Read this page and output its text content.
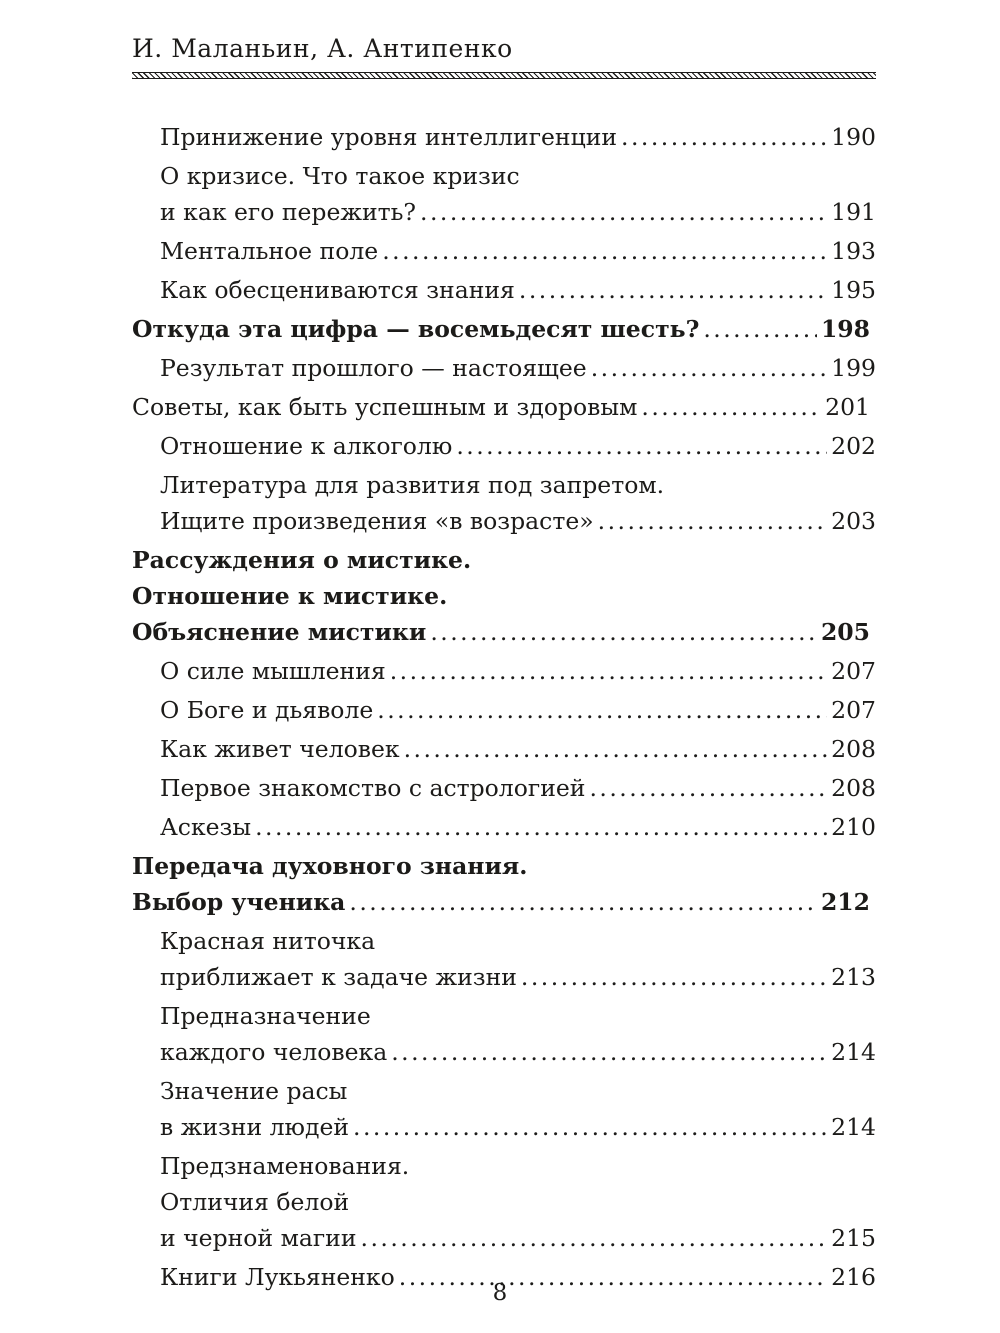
И. Маланьин, А. Антипенко
Принижение уровня интеллигенции . . .	190
О кризисе. Что такое кризис
и как его пережить? . . .	191
Ментальное поле . . .	193
Как обесцениваются знания . . .	195
Откуда эта цифра — восемьдесят шесть? . . .	198
Результат прошлого — настоящее . . .	199
Советы, как быть успешным и здоровым . . .	201
Отношение к алкоголю . . .	202
Литература для развития под запретом.
Ищите произведения «в возрасте» . . .	203
Рассуждения о мистике.
Отношение к мистике.
Объяснение мистики . . .	205
О силе мышления . . .	207
О Боге и дьяволе . . .	207
Как живет человек . . .	208
Первое знакомство с астрологией . . .	208
Аскезы . . .	210
Передача духовного знания.
Выбор ученика . . .	212
Красная ниточка
приближает к задаче жизни . . .	213
Предназначение
каждого человека . . .	214
Значение расы
в жизни людей . . .	214
Предзнаменования.
Отличия белой
и черной магии . . .	215
Книги Лукьяненко . . .	216
8
